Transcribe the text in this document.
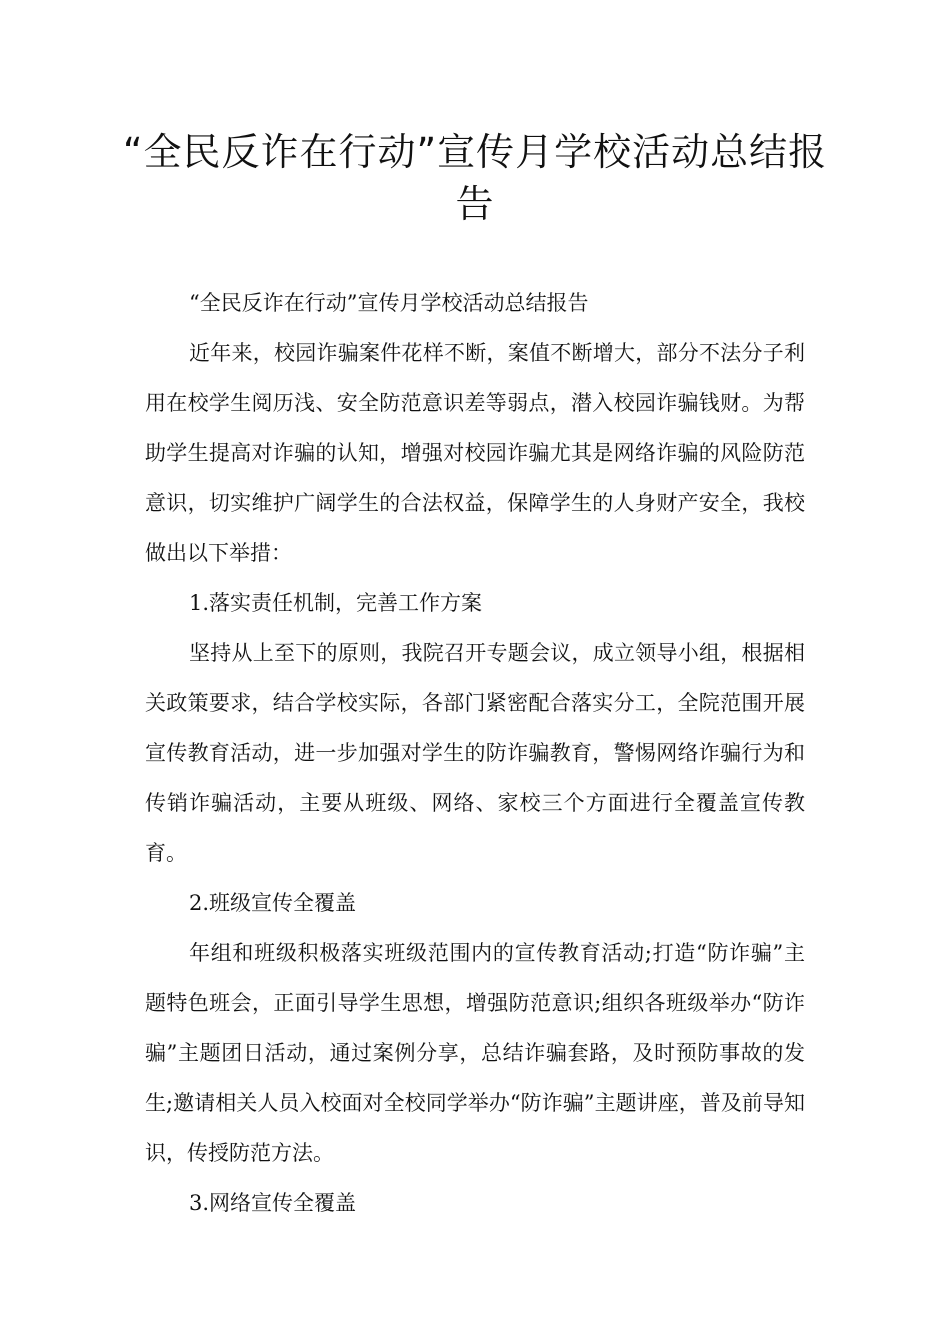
“全民反诈在行动”宣传月学校活动总结报告

“全民反诈在行动”宣传月学校活动总结报告

近年来，校园诈骗案件花样不断，案值不断增大，部分不法分子利用在校学生阅历浅、安全防范意识差等弱点，潜入校园诈骗钱财。为帮助学生提高对诈骗的认知，增强对校园诈骗尤其是网络诈骗的风险防范意识，切实维护广阔学生的合法权益，保障学生的人身财产安全，我校做出以下举措：

1.落实责任机制，完善工作方案

坚持从上至下的原则，我院召开专题会议，成立领导小组，根据相关政策要求，结合学校实际，各部门紧密配合落实分工，全院范围开展宣传教育活动，进一步加强对学生的防诈骗教育，警惕网络诈骗行为和传销诈骗活动，主要从班级、网络、家校三个方面进行全覆盖宣传教育。

2.班级宣传全覆盖

年组和班级积极落实班级范围内的宣传教育活动;打造“防诈骗”主题特色班会，正面引导学生思想，增强防范意识;组织各班级举办“防诈骗”主题团日活动，通过案例分享，总结诈骗套路，及时预防事故的发生;邀请相关人员入校面对全校同学举办“防诈骗”主题讲座，普及前导知识，传授防范方法。

3.网络宣传全覆盖
